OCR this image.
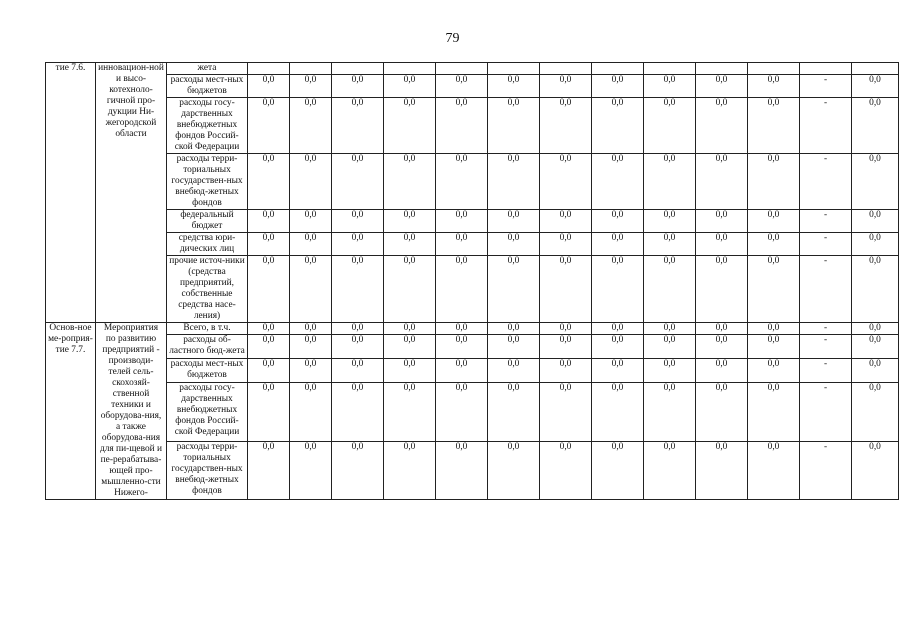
79
тие 7.6.	инновацион-ной и высо-котехноло-гичной про-дукции Ни-жегородской области	жета													
		расходы мест-ных бюджетов	0,0	0,0	0,0	0,0	0,0	0,0	0,0	0,0	0,0	0,0	0,0	-	0,0
		расходы госу-дарственных внебюджетных фондов Россий-ской Федерации	0,0	0,0	0,0	0,0	0,0	0,0	0,0	0,0	0,0	0,0	0,0	-	0,0
		расходы терри-ториальных государствен-ных внебюд-жетных фондов	0,0	0,0	0,0	0,0	0,0	0,0	0,0	0,0	0,0	0,0	0,0	-	0,0
		федеральный бюджет	0,0	0,0	0,0	0,0	0,0	0,0	0,0	0,0	0,0	0,0	0,0	-	0,0
		средства юри-дических лиц	0,0	0,0	0,0	0,0	0,0	0,0	0,0	0,0	0,0	0,0	0,0	-	0,0
		прочие источ-ники (средства предприятий, собственные средства насе-ления)	0,0	0,0	0,0	0,0	0,0	0,0	0,0	0,0	0,0	0,0	0,0	-	0,0
Основ-ное ме-роприя-тие 7.7.	Мероприятия по развитию предприятий - производи-телей сель-скохозяй-ственной техники и оборудова-ния, а также оборудова-ния для пи-щевой и пе-рерабатыва-ющей про-мышленно-сти Нижего-	Всего, в т.ч.	0,0	0,0	0,0	0,0	0,0	0,0	0,0	0,0	0,0	0,0	0,0	-	0,0
		расходы об-ластного бюд-жета	0,0	0,0	0,0	0,0	0,0	0,0	0,0	0,0	0,0	0,0	0,0	-	0,0
		расходы мест-ных бюджетов	0,0	0,0	0,0	0,0	0,0	0,0	0,0	0,0	0,0	0,0	0,0	-	0,0
		расходы госу-дарственных внебюджетных фондов Россий-ской Федерации	0,0	0,0	0,0	0,0	0,0	0,0	0,0	0,0	0,0	0,0	0,0	-	0,0
		расходы терри-ториальных государствен-ных внебюд-жетных фондов	0,0	0,0	0,0	0,0	0,0	0,0	0,0	0,0	0,0	0,0	0,0	-	0,0
